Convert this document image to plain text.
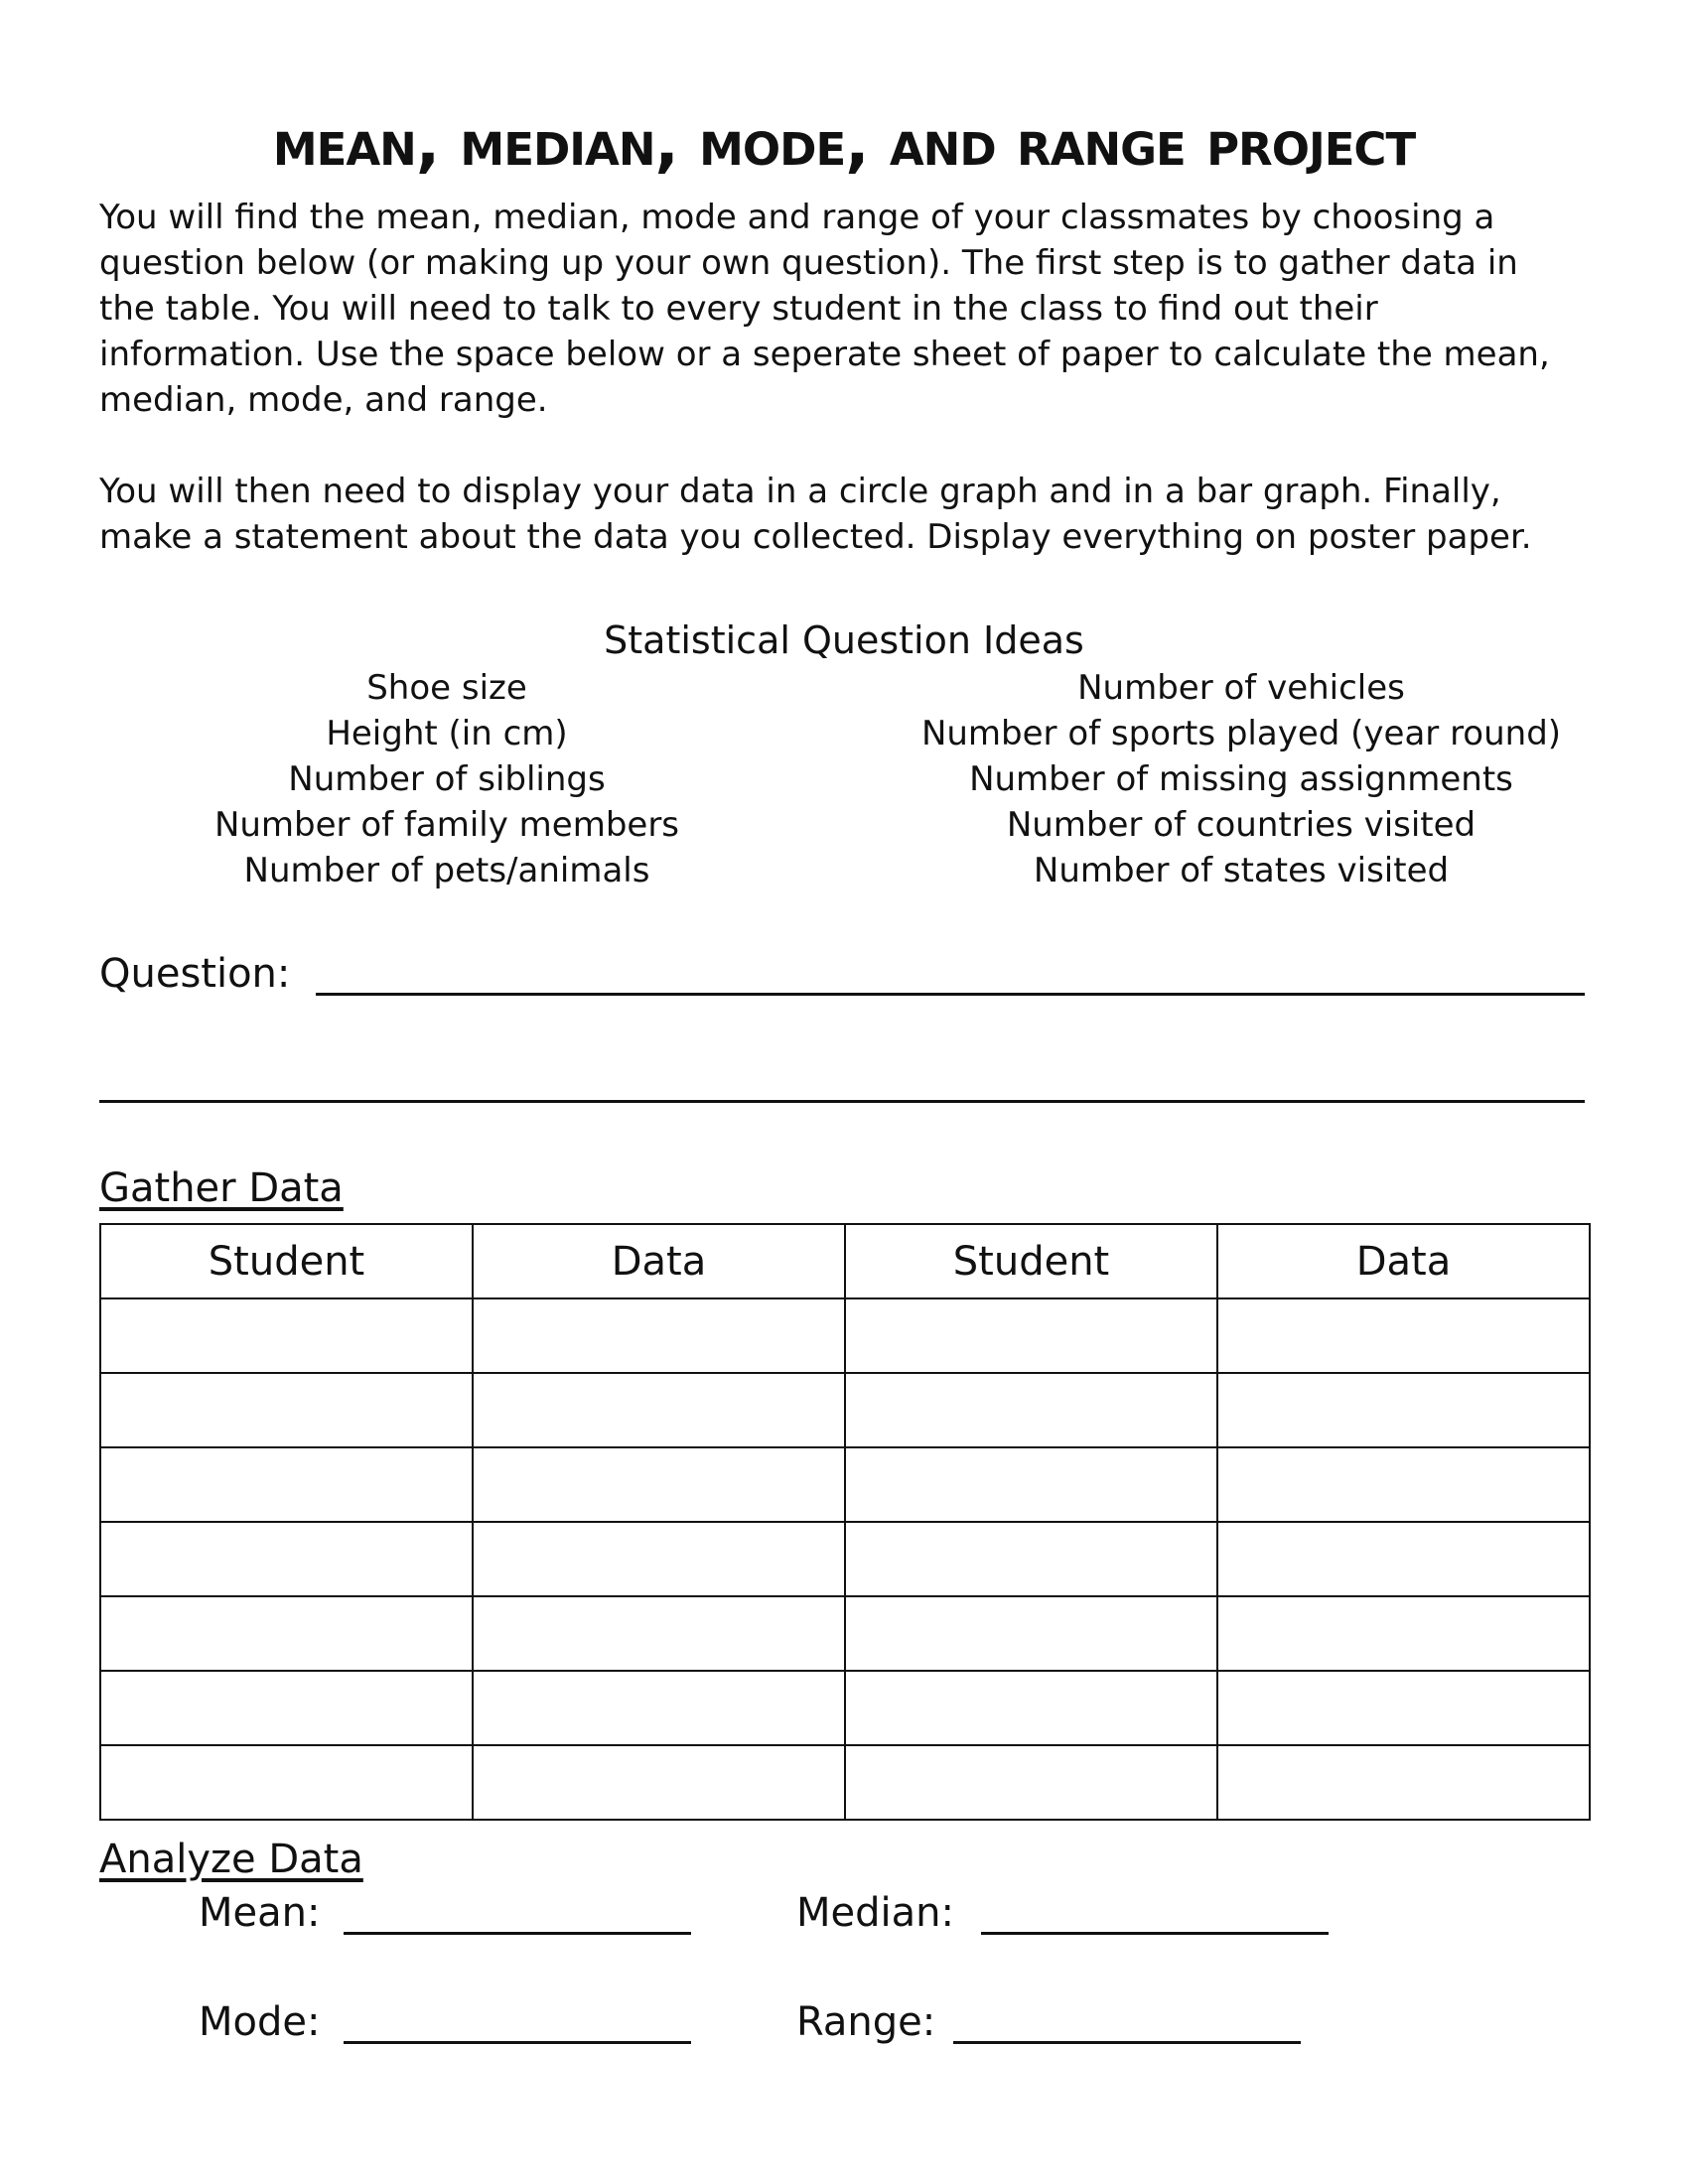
mean, median, mode, and range project

You will find the mean, median, mode and range of your classmates by choosing a
question below (or making up your own question). The first step is to gather data in
the table. You will need to talk to every student in the class to find out their
information. Use the space below or a seperate sheet of paper to calculate the mean,
median, mode, and range.

You will then need to display your data in a circle graph and in a bar graph. Finally,
make a statement about the data you collected. Display everything on poster paper.

Statistical Question Ideas
Shoe size
Height (in cm)
Number of siblings
Number of family members
Number of pets/animals
Number of vehicles
Number of sports played (year round)
Number of missing assignments
Number of countries visited
Number of states visited
Question:
Gather Data
Student	Data	Student	Data

Analyze Data
Mean:	Median:
Mode:	Range:
